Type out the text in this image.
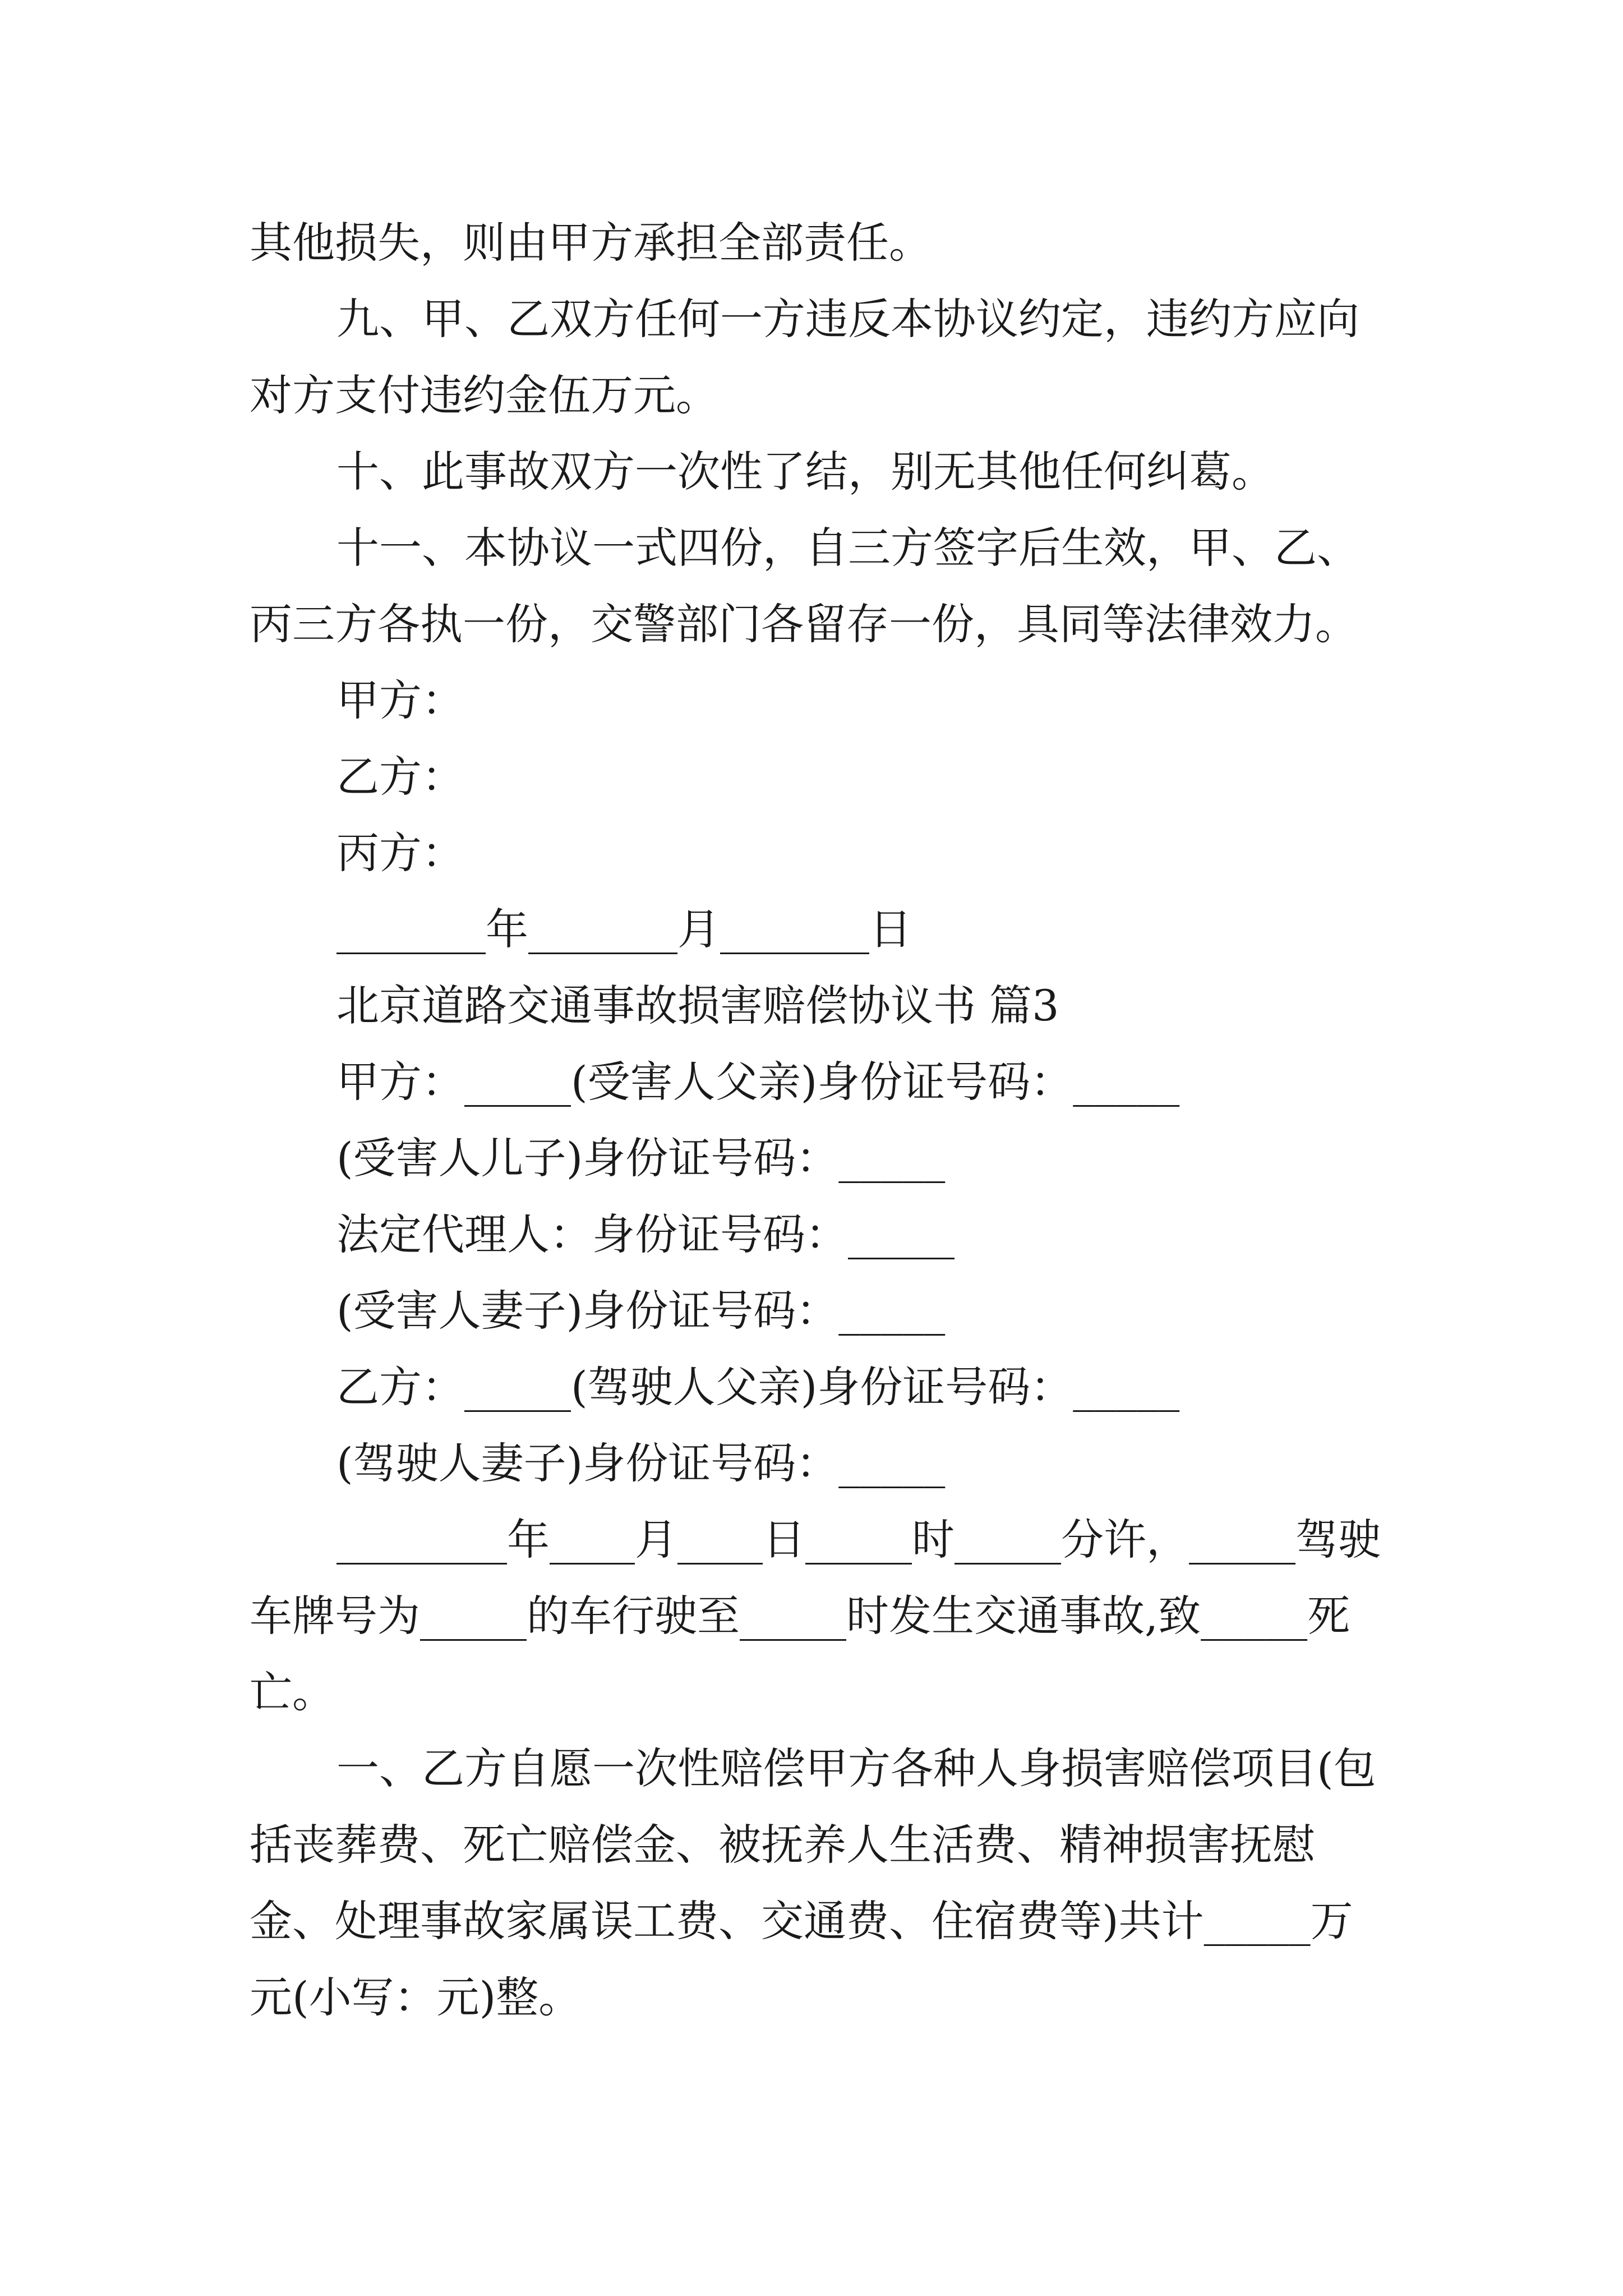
其他损失，则由甲方承担全部责任。

九、甲、乙双方任何一方违反本协议约定，违约方应向对方支付违约金伍万元。

十、此事故双方一次性了结，别无其他任何纠葛。

十一、本协议一式四份，自三方签字后生效，甲、乙、丙三方各执一份，交警部门各留存一份，具同等法律效力。

甲方：

乙方：

丙方：

_______年_______月_______日

北京道路交通事故损害赔偿协议书 篇3

甲方：_____(受害人父亲)身份证号码：_____

(受害人儿子)身份证号码：_____

法定代理人：身份证号码：_____

(受害人妻子)身份证号码：_____

乙方：_____(驾驶人父亲)身份证号码：_____

(驾驶人妻子)身份证号码：_____

________年____月____日_____时_____分许，_____驾驶车牌号为_____的车行驶至_____时发生交通事故,致_____死亡。

一、乙方自愿一次性赔偿甲方各种人身损害赔偿项目(包括丧葬费、死亡赔偿金、被抚养人生活费、精神损害抚慰金、处理事故家属误工费、交通费、住宿费等)共计_____万元(小写：元)整。
